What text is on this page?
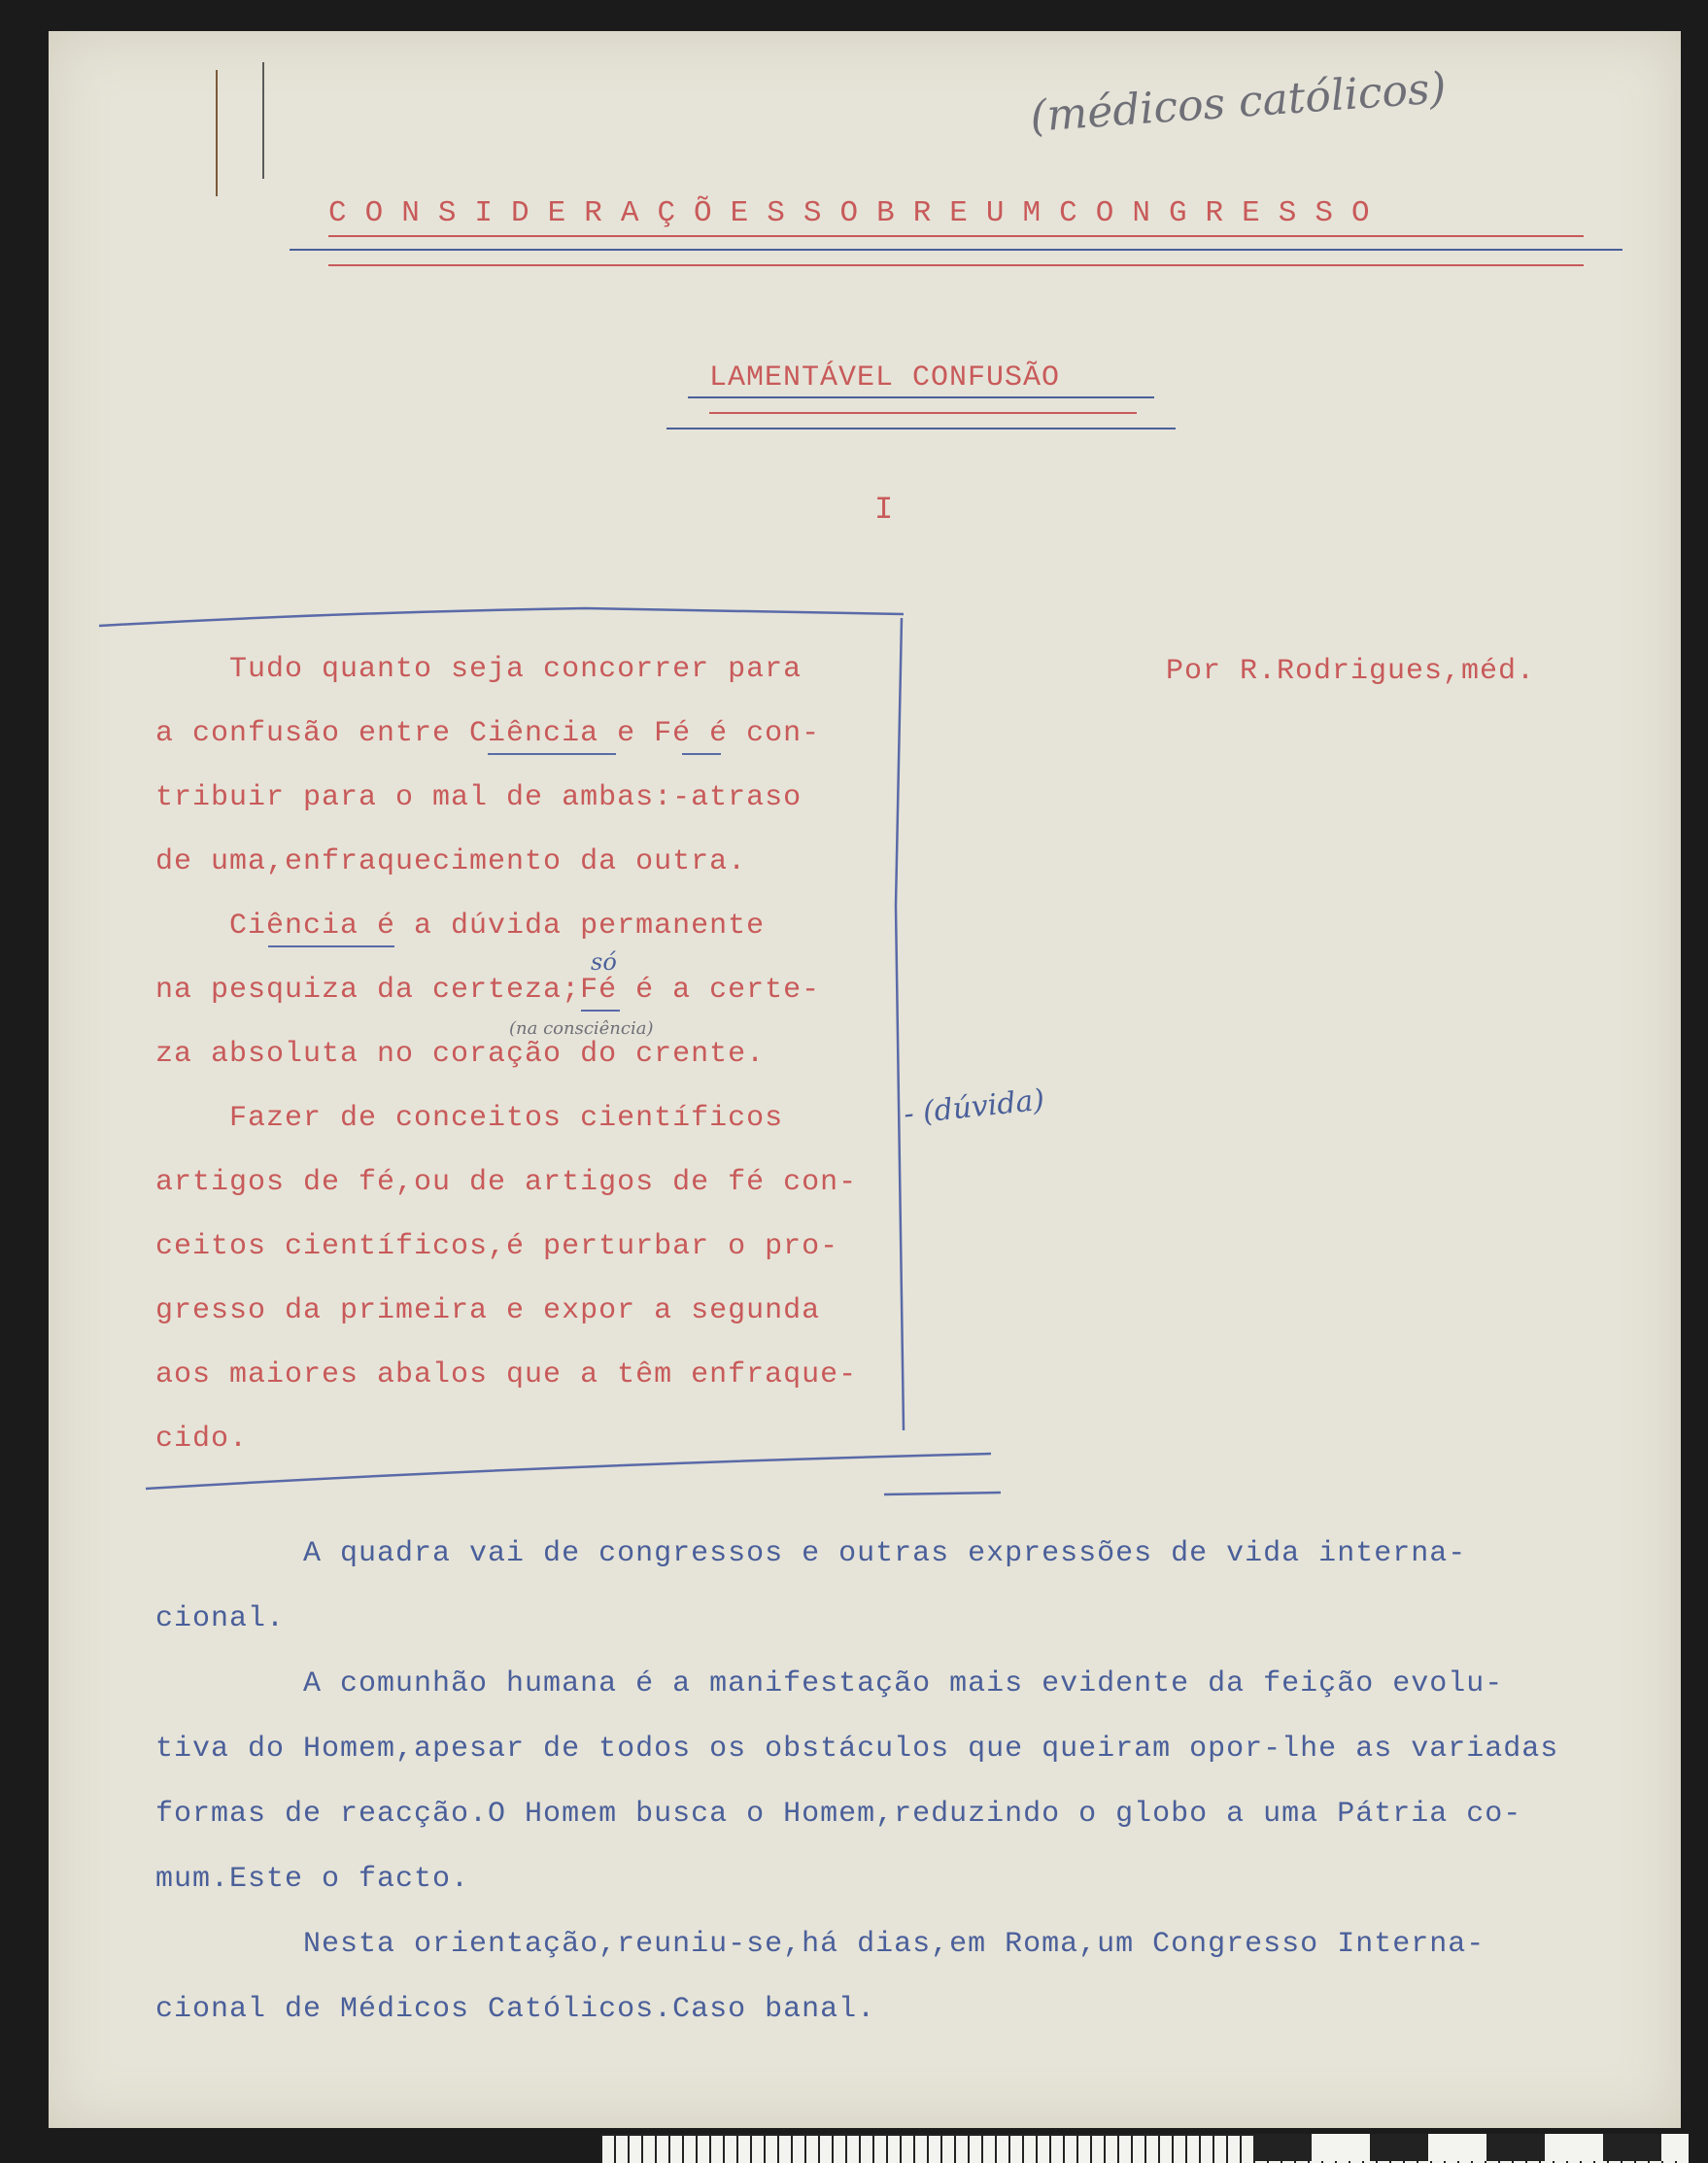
(médicos católicos)
C O N S I D E R A Ç Õ E S S O B R E U M C O N G R E S S O
LAMENTÁVEL CONFUSÃO
I
Por R.Rodrigues,méd.
Tudo quanto seja concorrer para
a confusão entre Ciência e Fé é con-
tribuir para o mal de ambas:-atraso
de uma,enfraquecimento da outra.
Ciência é a dúvida permanente
na pesquiza da certeza;Fé é a certe-
za absoluta no coração do crente.
Fazer de conceitos científicos
artigos de fé,ou de artigos de fé con-
ceitos científicos,é perturbar o pro-
gresso da primeira e expor a segunda
aos maiores abalos que a têm enfraque-
cido.
só
(na consciência)
- (dúvida)
A quadra vai de congressos e outras expressões de vida interna-
cional.
A comunhão humana é a manifestação mais evidente da feição evolu-
tiva do Homem,apesar de todos os obstáculos que queiram opor-lhe as variadas
formas de reacção.O Homem busca o Homem,reduzindo o globo a uma Pátria co-
mum.Este o facto.
Nesta orientação,reuniu-se,há dias,em Roma,um Congresso Interna-
cional de Médicos Católicos.Caso banal.
